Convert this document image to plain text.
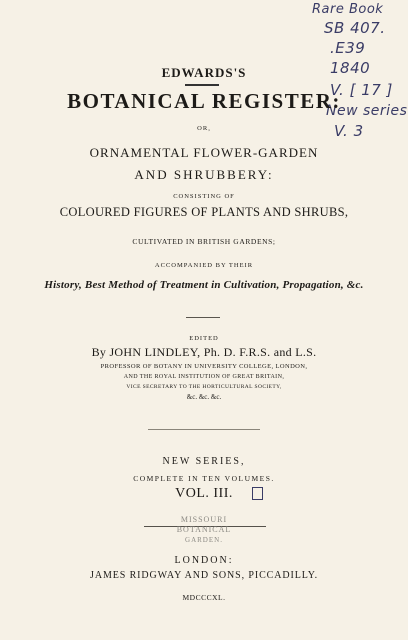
Rare Book
SB 407.
.E39
1840
V. [ 17 ]
New series
V. 3
EDWARDS'S
BOTANICAL REGISTER:
OR,
ORNAMENTAL FLOWER-GARDEN
AND SHRUBBERY:
CONSISTING OF
COLOURED FIGURES OF PLANTS AND SHRUBS,
CULTIVATED IN BRITISH GARDENS;
ACCOMPANIED BY THEIR
History, Best Method of Treatment in Cultivation, Propagation, &c.
EDITED
By JOHN LINDLEY, Ph. D. F.R.S. and L.S.
PROFESSOR OF BOTANY IN UNIVERSITY COLLEGE, LONDON,
AND THE ROYAL INSTITUTION OF GREAT BRITAIN,
VICE SECRETARY TO THE HORTICULTURAL SOCIETY,
&c. &c. &c.
NEW SERIES,
COMPLETE IN TEN VOLUMES.
VOL. III.
MISSOURI
BOTANICAL
GARDEN.
LONDON:
JAMES RIDGWAY AND SONS, PICCADILLY.
MDCCCXL.
